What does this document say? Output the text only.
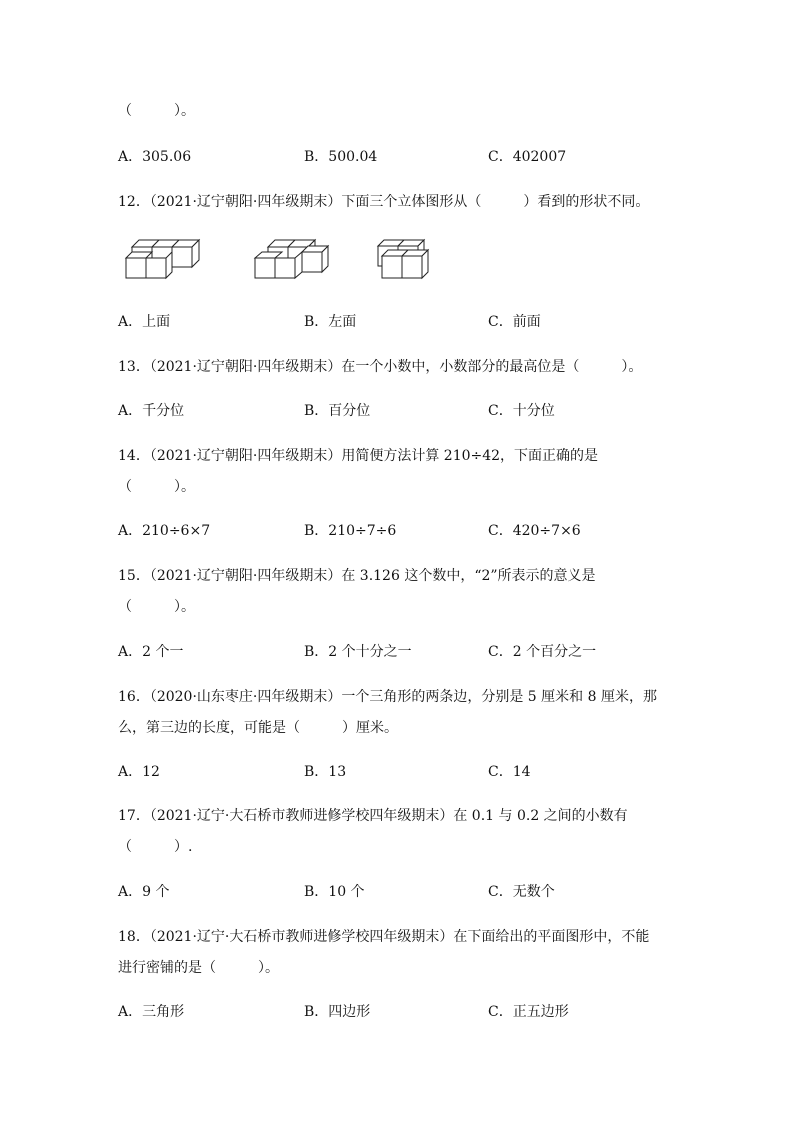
（　　　）。
A．305.06	B．500.04	C．402007
12．（2021·辽宁朝阳·四年级期末）下面三个立体图形从（　　　）看到的形状不同。
A．上面	B．左面	C．前面
13．（2021·辽宁朝阳·四年级期末）在一个小数中，小数部分的最高位是（　　　）。
A．千分位	B．百分位	C．十分位
14．（2021·辽宁朝阳·四年级期末）用简便方法计算 210÷42，下面正确的是
（　　　）。
A．210÷6×7	B．210÷7÷6	C．420÷7×6
15．（2021·辽宁朝阳·四年级期末）在 3.126 这个数中，“2”所表示的意义是
（　　　）。
A．2 个一	B．2 个十分之一	C．2 个百分之一
16．（2020·山东枣庄·四年级期末）一个三角形的两条边，分别是 5 厘米和 8 厘米，那
么，第三边的长度，可能是（　　　）厘米。
A．12	B．13	C．14
17．（2021·辽宁·大石桥市教师进修学校四年级期末）在 0.1 与 0.2 之间的小数有
（　　　）.
A．9 个	B．10 个	C．无数个
18．（2021·辽宁·大石桥市教师进修学校四年级期末）在下面给出的平面图形中，不能
进行密铺的是（　　　）。
A．三角形	B．四边形	C．正五边形
